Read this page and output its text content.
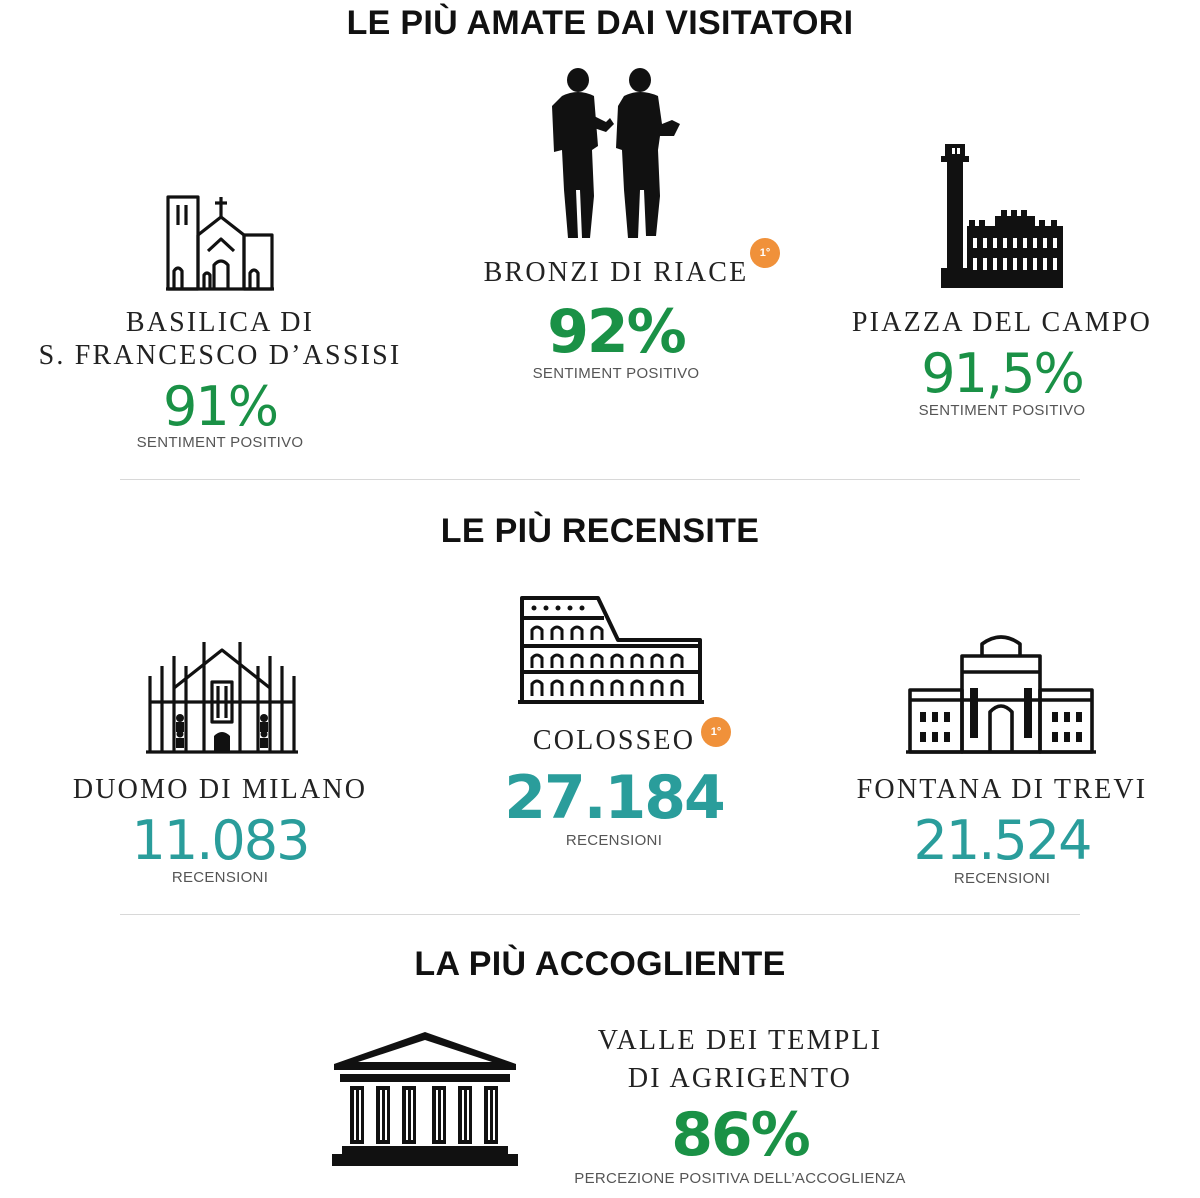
LE PIÙ AMATE DAI VISITATORI

BASILICA DI

S. FRANCESCO D’ASSISI

91%

SENTIMENT POSITIVO

BRONZI DI RIACE

1°

92%

SENTIMENT POSITIVO

PIAZZA DEL CAMPO

91,5%

SENTIMENT POSITIVO

LE PIÙ RECENSITE

DUOMO DI MILANO

11.083

RECENSIONI

COLOSSEO	1°

27.184

RECENSIONI

FONTANA DI TREVI

21.524

RECENSIONI

LA PIÙ ACCOGLIENTE

VALLE DEI TEMPLI

DI AGRIGENTO

86%

PERCEZIONE POSITIVA DELL’ACCOGLIENZA
